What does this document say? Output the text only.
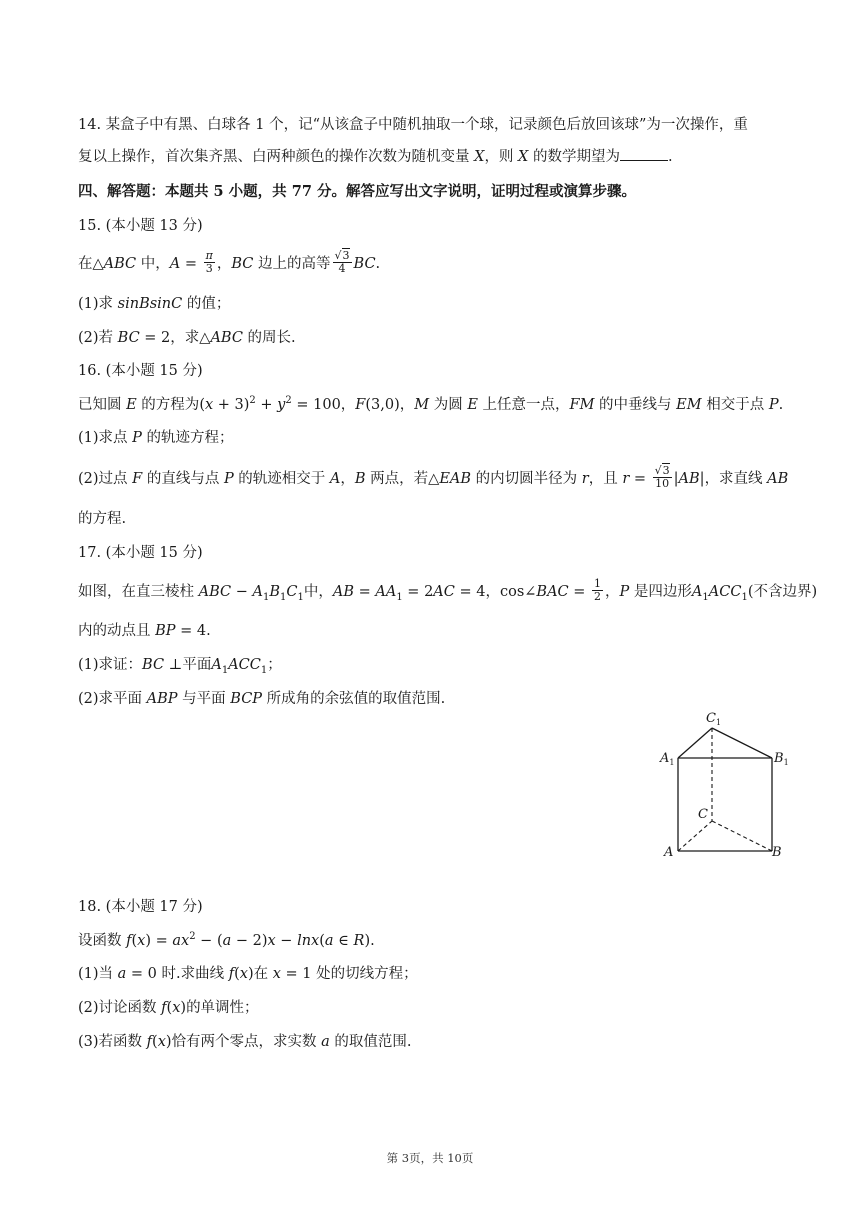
14. 某盒子中有黑、白球各 1 个，记“从该盒子中随机抽取一个球，记录颜色后放回该球”为一次操作，重
复以上操作，首次集齐黑、白两种颜色的操作次数为随机变量 X，则 X 的数学期望为	.
四、解答题：本题共 5 小题，共 77 分。解答应写出文字说明，证明过程或演算步骤。
15. (本小题 13 分)
在△ABC 中，$A = \frac{\pi}{3}$ ，BC 边上的高等 $\frac{√3}{4}$ BC.
(1)求 sinBsinC 的值；
(2)若 BC = 2，求△ABC 的周长.
16. (本小题 15 分)
已知圆 E 的方程为$(x + 3)^2 + y^2 = 100$，F(3,0)，M 为圆 E 上任意一点，FM 的中垂线与 EM 相交于点 P.
(1)求点 P 的轨迹方程；
(2)过点 F 的直线与点 P 的轨迹相交于 A，B 两点，若△EAB 的内切圆半径为 r，且 $r = \frac{√3}{10} |AB|$，求直线 AB
的方程.
17. (本小题 15 分)
如图，在直三棱柱 ABC − $A_1B_1C_1$中，AB = $AA_1 = 2AC = 4$，cos∠BAC = $\frac{1}{2}$ ，P 是四边形$A_1ACC_1$(不含边界)
内的动点且 BP = 4.
(1)求证：BC ⊥平面$A_1ACC_1$；
(2)求平面 ABP 与平面 BCP 所成角的余弦值的取值范围.
$C_1$
$A_1$	$B_1$
C
A	B
18. (本小题 17 分)
设函数 $f(x) = ax^2 - (a - 2)x - \ln x(a$ ∈ R).
(1)当 a = 0 时.求曲线 f(x)在 x = 1 处的切线方程；
(2)讨论函数 f(x)的单调性；
(3)若函数 f(x)恰有两个零点，求实数 a 的取值范围.
第 3页，共 10页
